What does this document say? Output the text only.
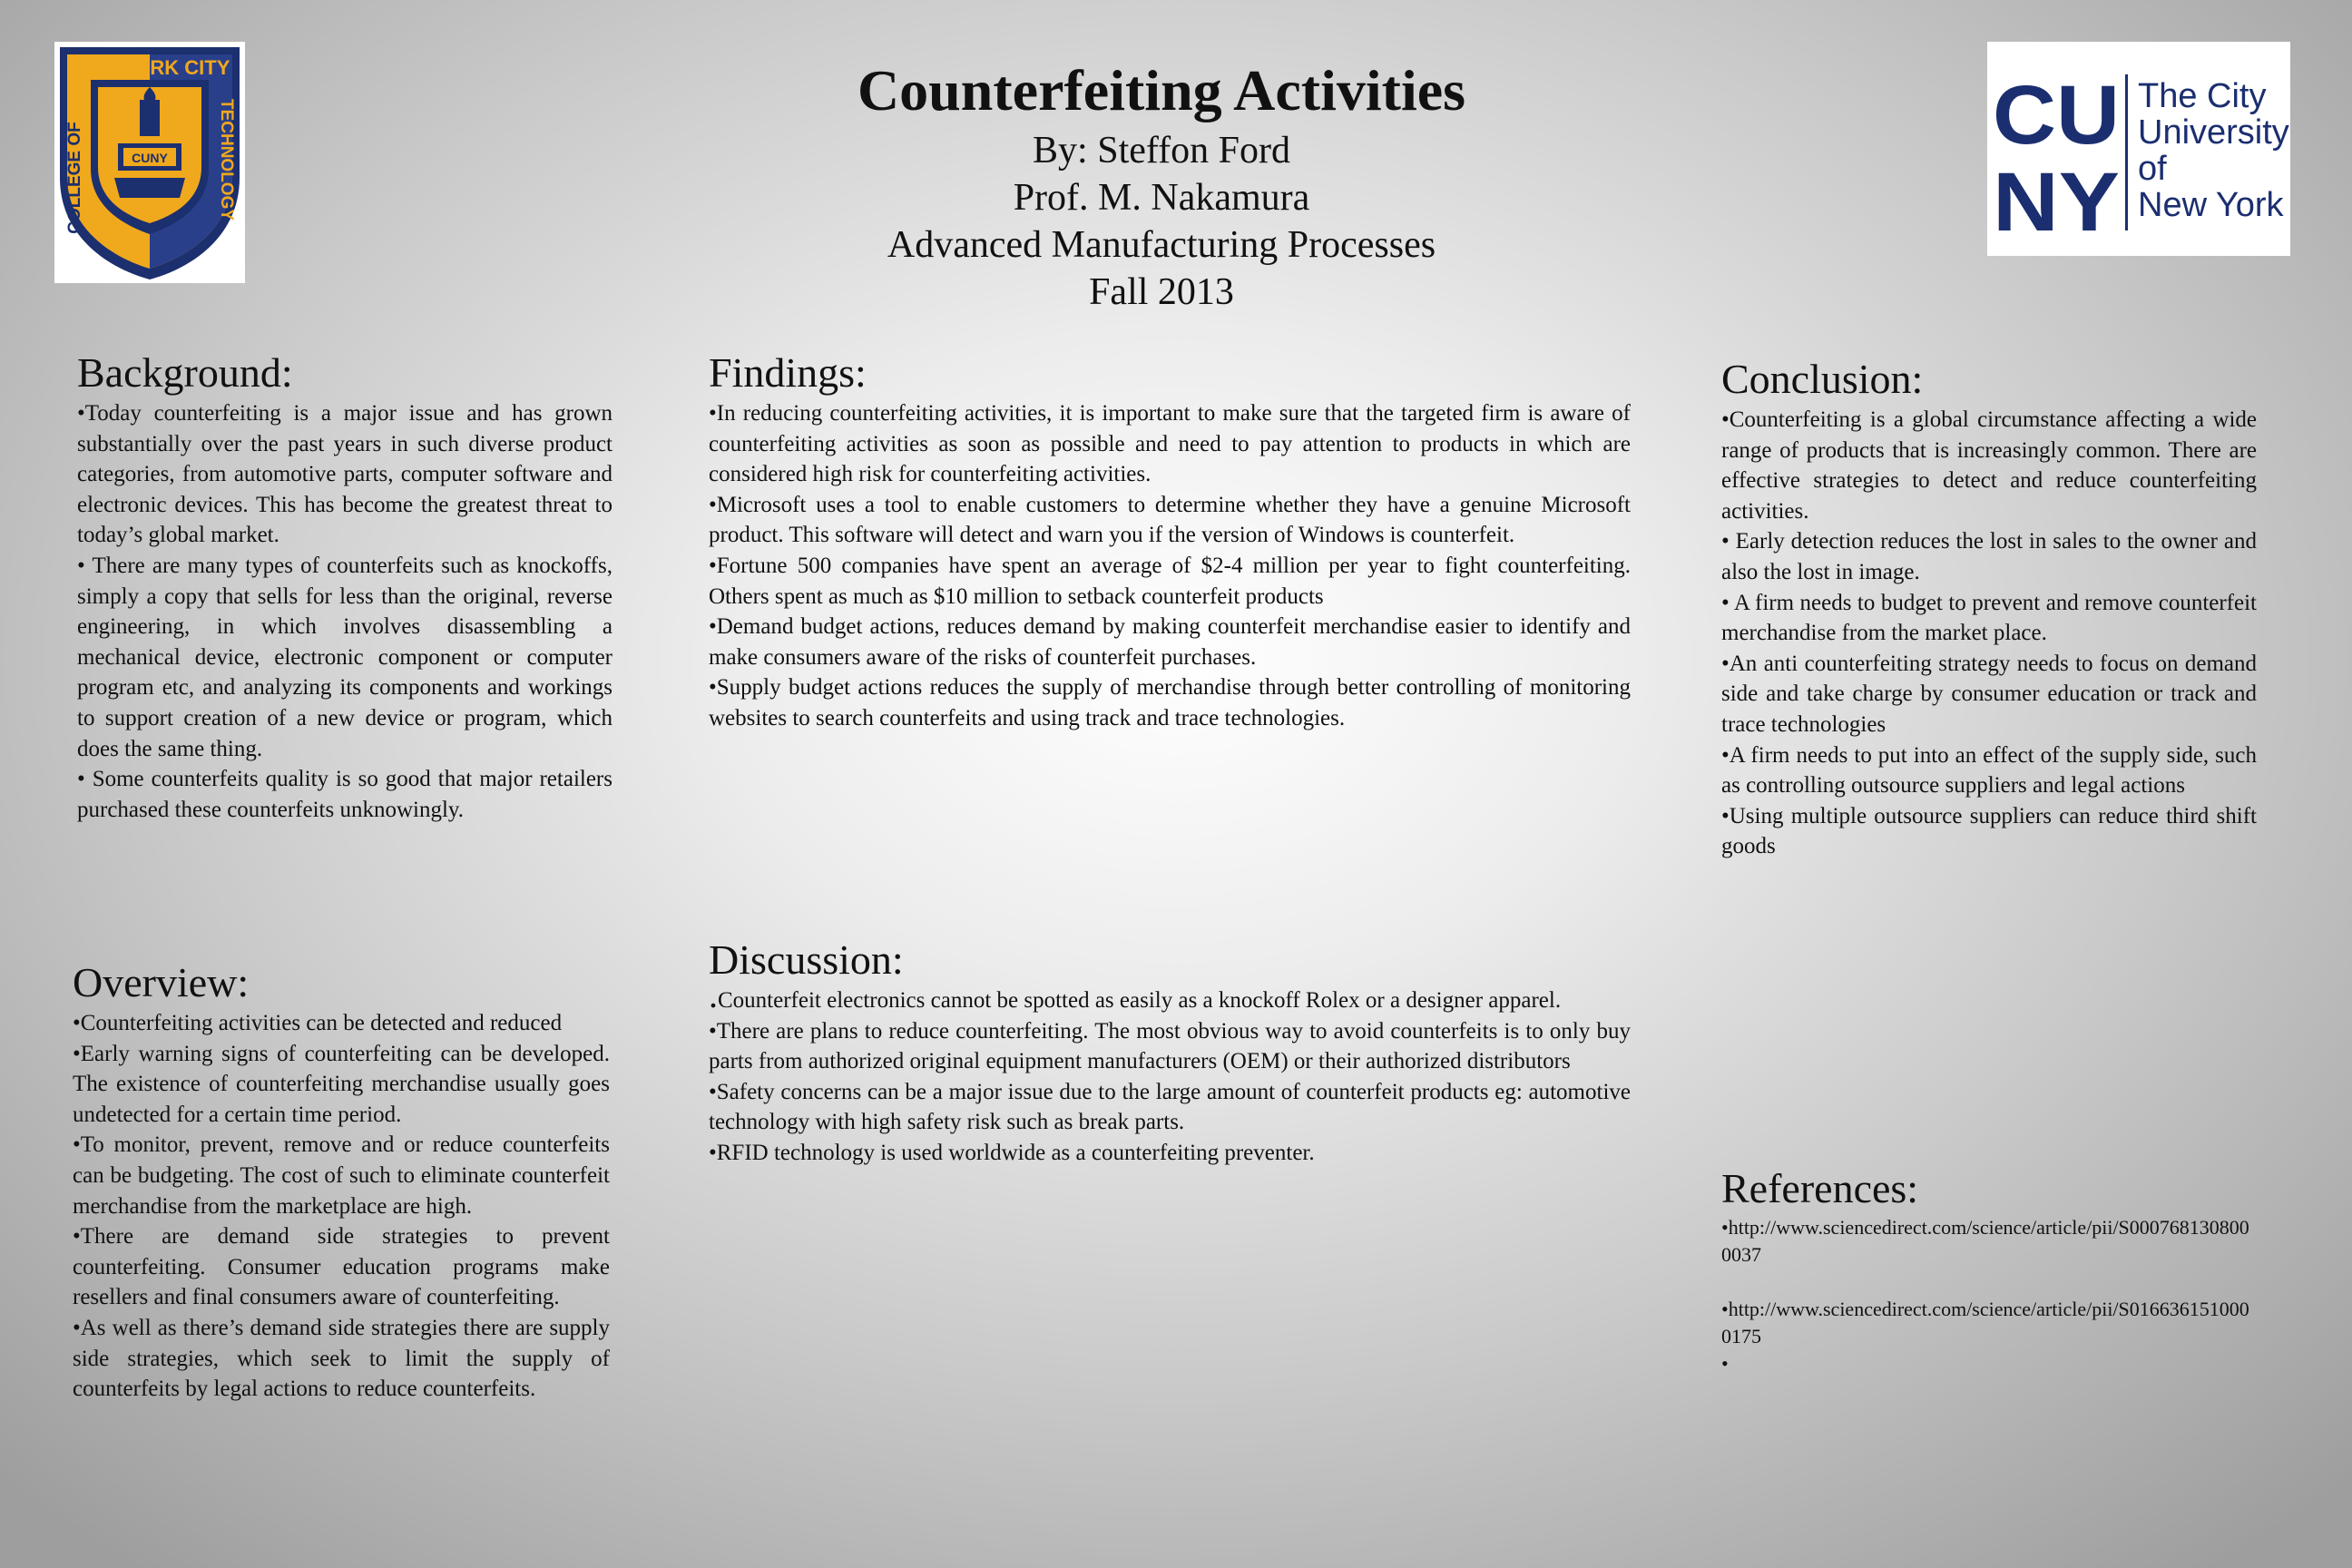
NEW YORK CITY
COLLEGE OF	TECHNOLOGY
CUNY	CU
NY
The City
University
of
New York
Counterfeiting Activities
By: Steffon Ford
Prof. M. Nakamura
Advanced Manufacturing Processes
Fall 2013
Background:

•Today counterfeiting is a major issue and has grown substantially over the past years in such diverse product categories, from automotive parts, computer software and electronic devices. This has become the greatest threat to today’s global market.

• There are many types of counterfeits such as knockoffs, simply a copy that sells for less than the original, reverse engineering, in which involves disassembling a mechanical device, electronic component or computer program etc, and analyzing its components and workings to support creation of a new device or program, which does the same thing.

• Some counterfeits quality is so good that major retailers purchased these counterfeits unknowingly.

Overview:

•Counterfeiting activities can be detected and reduced

•Early warning signs of counterfeiting can be developed. The existence of counterfeiting merchandise usually goes undetected for a certain time period.

•To monitor, prevent, remove and or reduce counterfeits can be budgeting. The cost of such to eliminate counterfeit merchandise from the marketplace are high.

•There are demand side strategies to prevent counterfeiting. Consumer education programs make resellers and final consumers aware of counterfeiting.

•As well as there’s demand side strategies there are supply side strategies, which seek to limit the supply of counterfeits by legal actions to reduce counterfeits.

Findings:

•In reducing counterfeiting activities, it is important to make sure that the targeted firm is aware of counterfeiting activities as soon as possible and need to pay attention to products in which are considered high risk for counterfeiting activities.

•Microsoft uses a tool to enable customers to determine whether they have a genuine Microsoft product. This software will detect and warn you if the version of Windows is counterfeit.

•Fortune 500 companies have spent an average of $2-4 million per year to fight counterfeiting. Others spent as much as $10 million to setback counterfeit products

•Demand budget actions, reduces demand by making counterfeit merchandise easier to identify and make consumers aware of the risks of counterfeit purchases.

•Supply budget actions reduces the supply of merchandise through better controlling of monitoring websites to search counterfeits and using track and trace technologies.

Discussion:

.Counterfeit electronics cannot be spotted as easily as a knockoff Rolex or a designer apparel.

•There are plans to reduce counterfeiting. The most obvious way to avoid counterfeits is to only buy parts from authorized original equipment manufacturers (OEM) or their authorized distributors

•Safety concerns can be a major issue due to the large amount of counterfeit products eg: automotive technology with high safety risk such as break parts.

•RFID technology is used worldwide as a counterfeiting preventer.

Conclusion:

•Counterfeiting is a global circumstance affecting a wide range of products that is increasingly common. There are effective strategies to detect and reduce counterfeiting activities.

• Early detection reduces the lost in sales to the owner and also the lost in image.

• A firm needs to budget to prevent and remove counterfeit merchandise from the market place.

•An anti counterfeiting strategy needs to focus on demand side and take charge by consumer education or track and trace technologies

•A firm needs to put into an effect of the supply side, such as controlling outsource suppliers and legal actions

•Using multiple outsource suppliers can reduce third shift goods

References:

•http://www.sciencedirect.com/science/article/pii/S0007681308000037

•http://www.sciencedirect.com/science/article/pii/S0166361510000175

•
